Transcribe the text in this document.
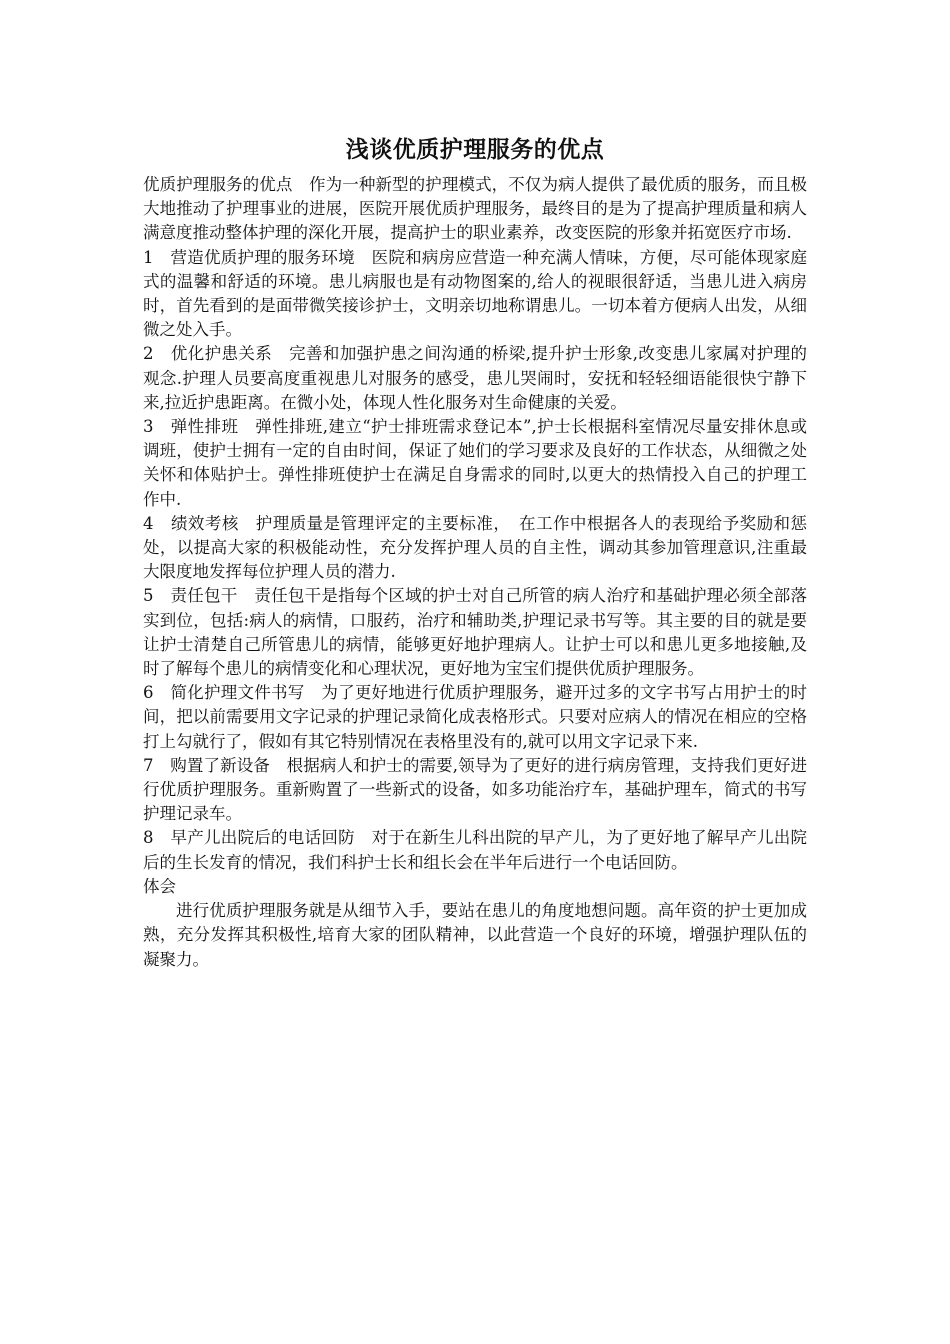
浅谈优质护理服务的优点

优质护理服务的优点　 作为一种新型的护理模式，不仅为病人提供了最优质的服务，而且极大地推动了护理事业的进展，医院开展优质护理服务，最终目的是为了提高护理质量和病人满意度推动整体护理的深化开展，提高护士的职业素养，改变医院的形象并拓宽医疗市场.

1　 营造优质护理的服务环境　 医院和病房应营造一种充满人情味，方便，尽可能体现家庭式的温馨和舒适的环境。患儿病服也是有动物图案的,给人的视眼很舒适，当患儿进入病房时，首先看到的是面带微笑接诊护士，文明亲切地称谓患儿。一切本着方便病人出发，从细微之处入手。

2　 优化护患关系　 完善和加强护患之间沟通的桥梁,提升护士形象,改变患儿家属对护理的观念.护理人员要高度重视患儿对服务的感受，患儿哭闹时，安抚和轻轻细语能很快宁静下来,拉近护患距离。在微小处，体现人性化服务对生命健康的关爱。

3　 弹性排班　 弹性排班,建立“护士排班需求登记本”,护士长根据科室情况尽量安排休息或调班，使护士拥有一定的自由时间，保证了她们的学习要求及良好的工作状态，从细微之处关怀和体贴护士。弹性排班使护士在满足自身需求的同时,以更大的热情投入自己的护理工作中.

4　 绩效考核　 护理质量是管理评定的主要标准，　在工作中根据各人的表现给予奖励和惩处，以提高大家的积极能动性，充分发挥护理人员的自主性，调动其参加管理意识,注重最大限度地发挥每位护理人员的潜力.

5　 责任包干　 责任包干是指每个区域的护士对自己所管的病人治疗和基础护理必须全部落实到位，包括:病人的病情，口服药，治疗和辅助类,护理记录书写等。其主要的目的就是要让护士清楚自己所管患儿的病情，能够更好地护理病人。让护士可以和患儿更多地接触,及时了解每个患儿的病情变化和心理状况，更好地为宝宝们提供优质护理服务。

6　 简化护理文件书写　 为了更好地进行优质护理服务，避开过多的文字书写占用护士的时间，把以前需要用文字记录的护理记录简化成表格形式。只要对应病人的情况在相应的空格打上勾就行了，假如有其它特别情况在表格里没有的,就可以用文字记录下来.

7　 购置了新设备　 根据病人和护士的需要,领导为了更好的进行病房管理，支持我们更好进行优质护理服务。重新购置了一些新式的设备，如多功能治疗车，基础护理车，简式的书写护理记录车。

8　 早产儿出院后的电话回防　 对于在新生儿科出院的早产儿，为了更好地了解早产儿出院后的生长发育的情况，我们科护士长和组长会在半年后进行一个电话回防。

体会

进行优质护理服务就是从细节入手，要站在患儿的角度地想问题。高年资的护士更加成熟，充分发挥其积极性,培育大家的团队精神，以此营造一个良好的环境，增强护理队伍的凝聚力。
